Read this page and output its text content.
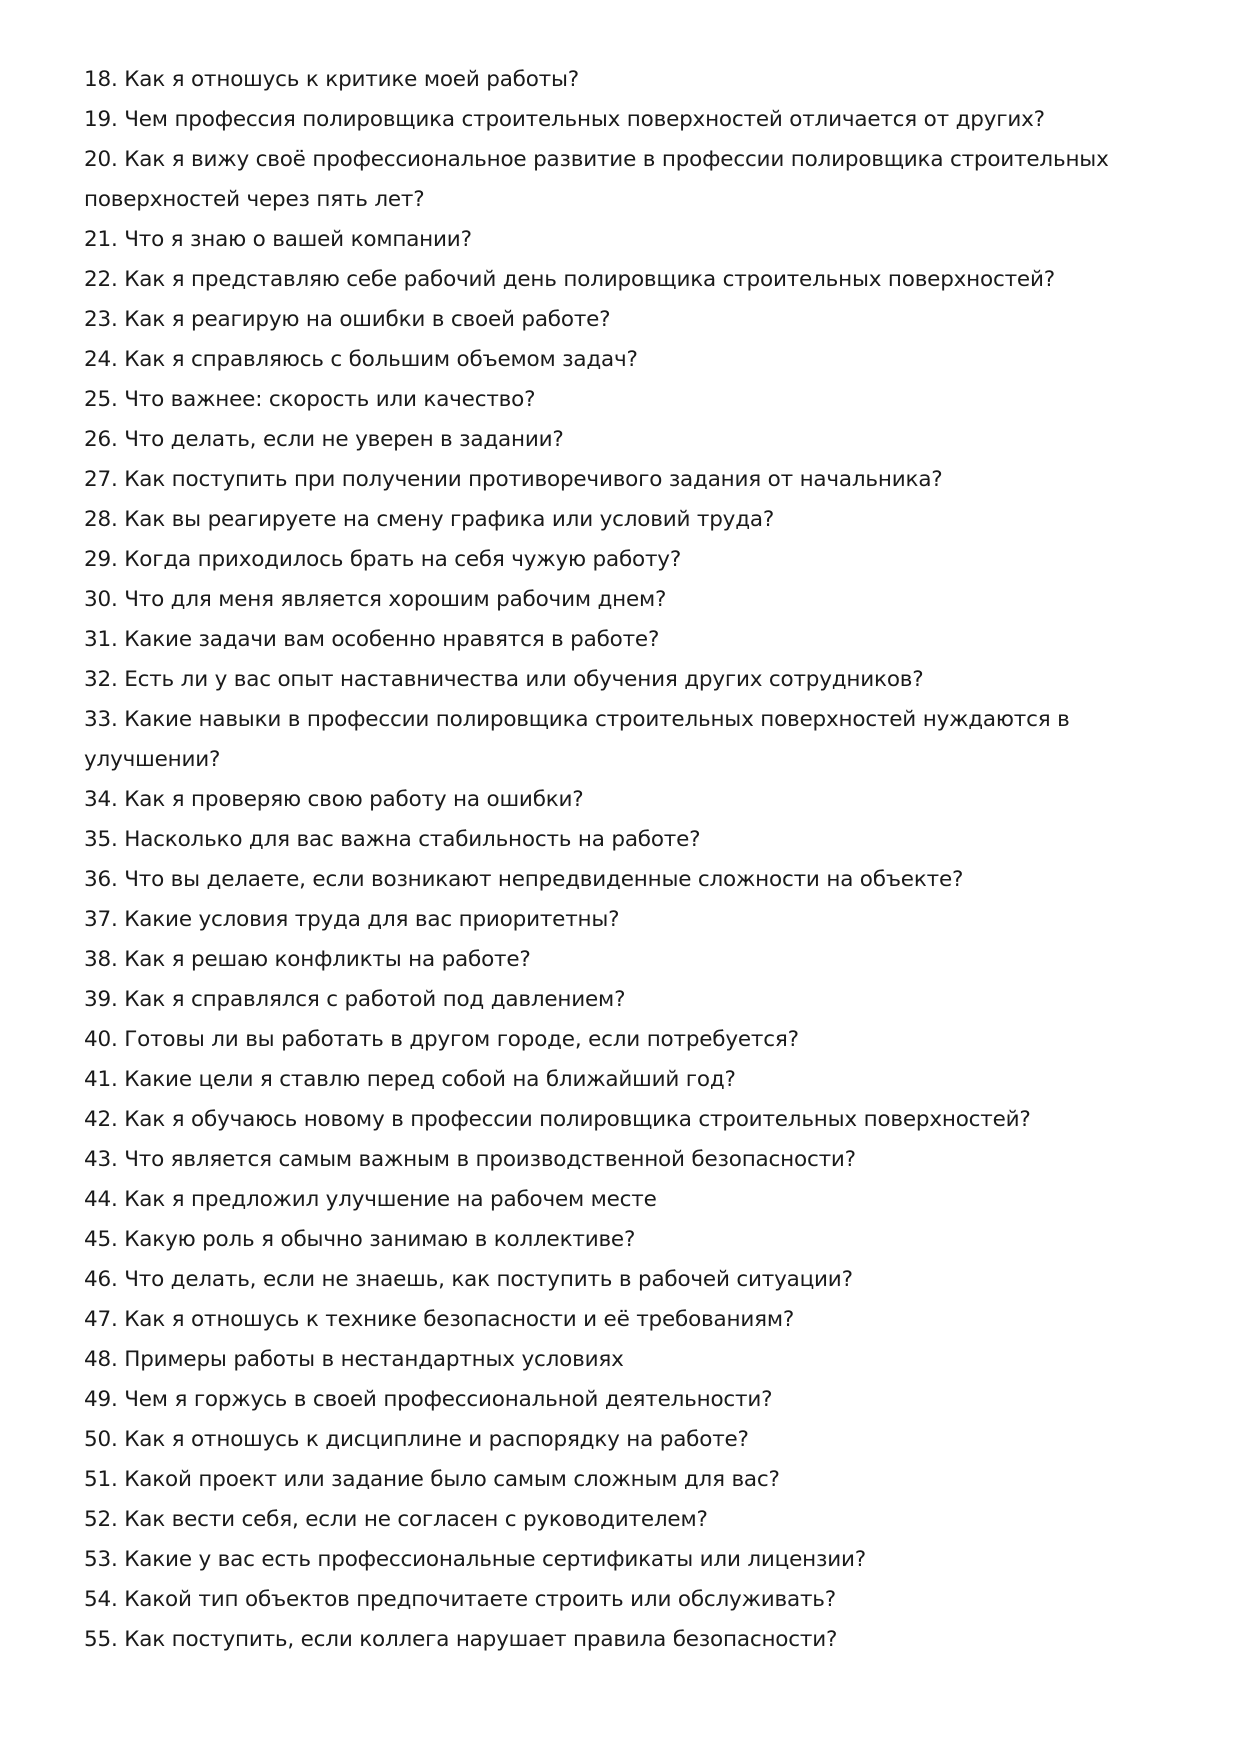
18. Как я отношусь к критике моей работы?
19. Чем профессия полировщика строительных поверхностей отличается от других?
20. Как я вижу своё профессиональное развитие в профессии полировщика строительных поверхностей через пять лет?
21. Что я знаю о вашей компании?
22. Как я представляю себе рабочий день полировщика строительных поверхностей?
23. Как я реагирую на ошибки в своей работе?
24. Как я справляюсь с большим объемом задач?
25. Что важнее: скорость или качество?
26. Что делать, если не уверен в задании?
27. Как поступить при получении противоречивого задания от начальника?
28. Как вы реагируете на смену графика или условий труда?
29. Когда приходилось брать на себя чужую работу?
30. Что для меня является хорошим рабочим днем?
31. Какие задачи вам особенно нравятся в работе?
32. Есть ли у вас опыт наставничества или обучения других сотрудников?
33. Какие навыки в профессии полировщика строительных поверхностей нуждаются в улучшении?
34. Как я проверяю свою работу на ошибки?
35. Насколько для вас важна стабильность на работе?
36. Что вы делаете, если возникают непредвиденные сложности на объекте?
37. Какие условия труда для вас приоритетны?
38. Как я решаю конфликты на работе?
39. Как я справлялся с работой под давлением?
40. Готовы ли вы работать в другом городе, если потребуется?
41. Какие цели я ставлю перед собой на ближайший год?
42. Как я обучаюсь новому в профессии полировщика строительных поверхностей?
43. Что является самым важным в производственной безопасности?
44. Как я предложил улучшение на рабочем месте
45. Какую роль я обычно занимаю в коллективе?
46. Что делать, если не знаешь, как поступить в рабочей ситуации?
47. Как я отношусь к технике безопасности и её требованиям?
48. Примеры работы в нестандартных условиях
49. Чем я горжусь в своей профессиональной деятельности?
50. Как я отношусь к дисциплине и распорядку на работе?
51. Какой проект или задание было самым сложным для вас?
52. Как вести себя, если не согласен с руководителем?
53. Какие у вас есть профессиональные сертификаты или лицензии?
54. Какой тип объектов предпочитаете строить или обслуживать?
55. Как поступить, если коллега нарушает правила безопасности?
